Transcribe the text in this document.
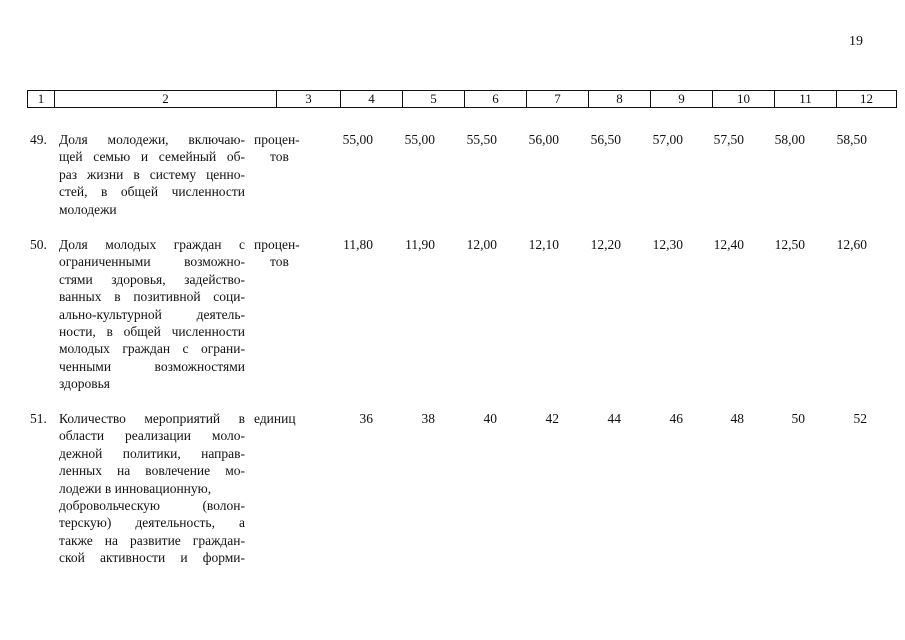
19
1	2	3	4	5	6	7	8	9	10	11	12
49. Доля молодежи, включаю-
щей семью и семейный об-
раз жизни в систему ценно-
стей, в общей численности
молодежи
процен-
тов
55,00	55,00	55,50	56,00	56,50	57,00	57,50	58,00	58,50
50. Доля молодых граждан с
ограниченными возможно-
стями здоровья, задейство-
ванных в позитивной соци-
ально-культурной деятель-
ности, в общей численности
молодых граждан с ограни-
ченными возможностями
здоровья
процен-
тов
11,80	11,90	12,00	12,10	12,20	12,30	12,40	12,50	12,60
51. Количество мероприятий в
области реализации моло-
дежной политики, направ-
ленных на вовлечение мо-
лодежи в инновационную,
добровольческую (волон-
терскую) деятельность, а
также на развитие граждан-
ской активности и форми-
единиц	36	38	40	42	44	46	48	50	52
